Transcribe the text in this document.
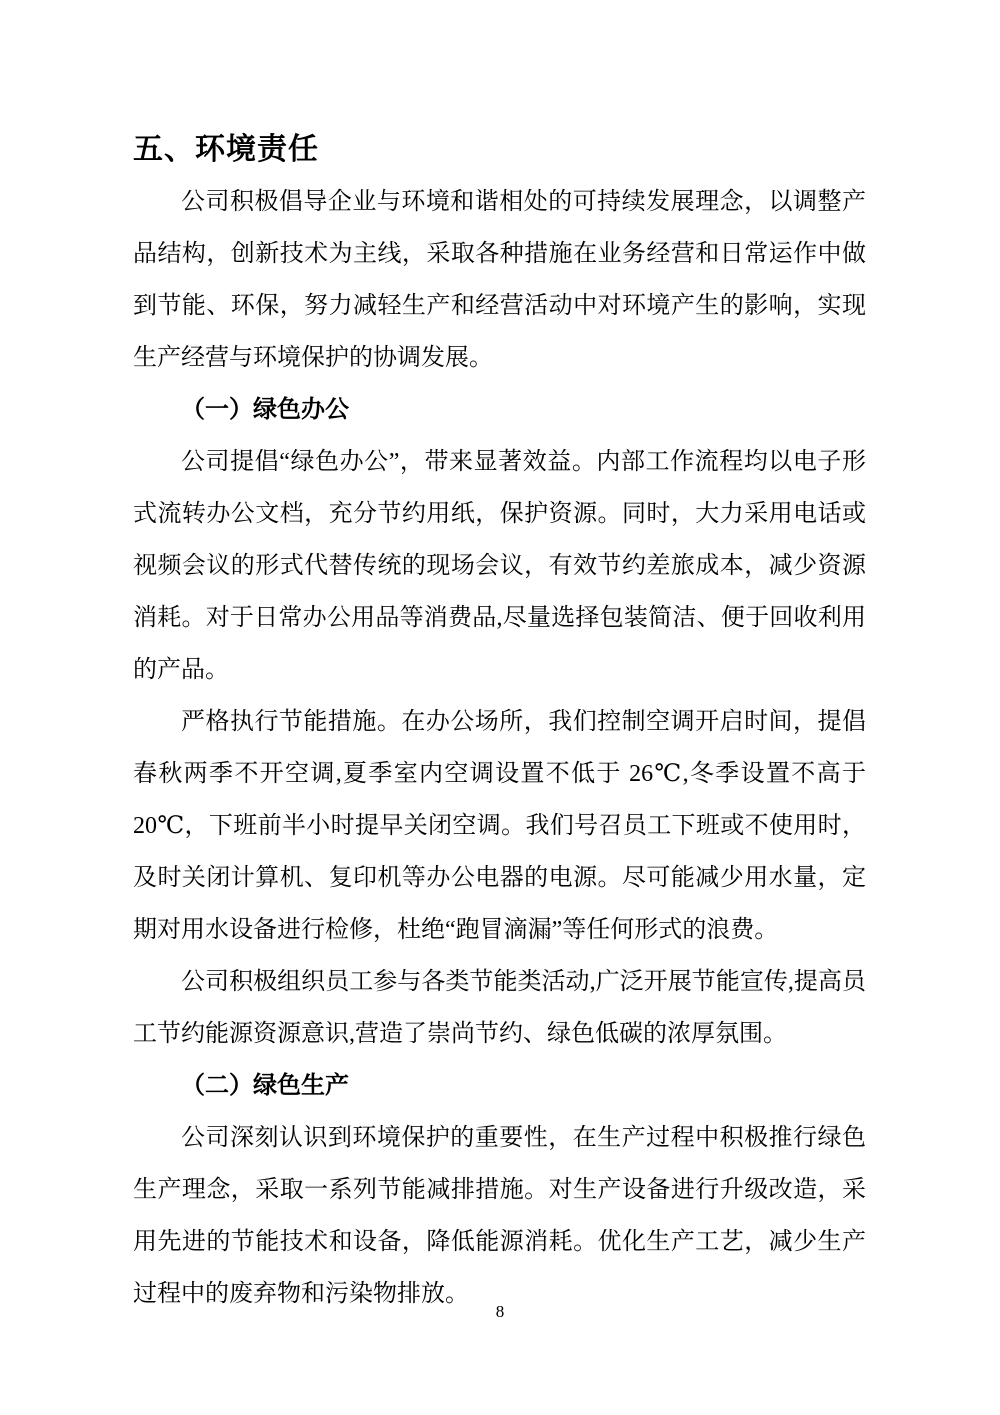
五、环境责任

公司积极倡导企业与环境和谐相处的可持续发展理念，以调整产品结构，创新技术为主线，采取各种措施在业务经营和日常运作中做到节能、环保，努力减轻生产和经营活动中对环境产生的影响，实现生产经营与环境保护的协调发展。

（一）绿色办公

公司提倡“绿色办公”，带来显著效益。内部工作流程均以电子形式流转办公文档，充分节约用纸，保护资源。同时，大力采用电话或视频会议的形式代替传统的现场会议，有效节约差旅成本，减少资源消耗。对于日常办公用品等消费品,尽量选择包装简洁、便于回收利用的产品。

严格执行节能措施。在办公场所，我们控制空调开启时间，提倡春秋两季不开空调,夏季室内空调设置不低于 26℃,冬季设置不高于 20℃，下班前半小时提早关闭空调。我们号召员工下班或不使用时，及时关闭计算机、复印机等办公电器的电源。尽可能减少用水量，定期对用水设备进行检修，杜绝“跑冒滴漏”等任何形式的浪费。

公司积极组织员工参与各类节能类活动,广泛开展节能宣传,提高员工节约能源资源意识,营造了崇尚节约、绿色低碳的浓厚氛围。

（二）绿色生产

公司深刻认识到环境保护的重要性，在生产过程中积极推行绿色生产理念，采取一系列节能减排措施。对生产设备进行升级改造，采用先进的节能技术和设备，降低能源消耗。优化生产工艺，减少生产过程中的废弃物和污染物排放。

8
